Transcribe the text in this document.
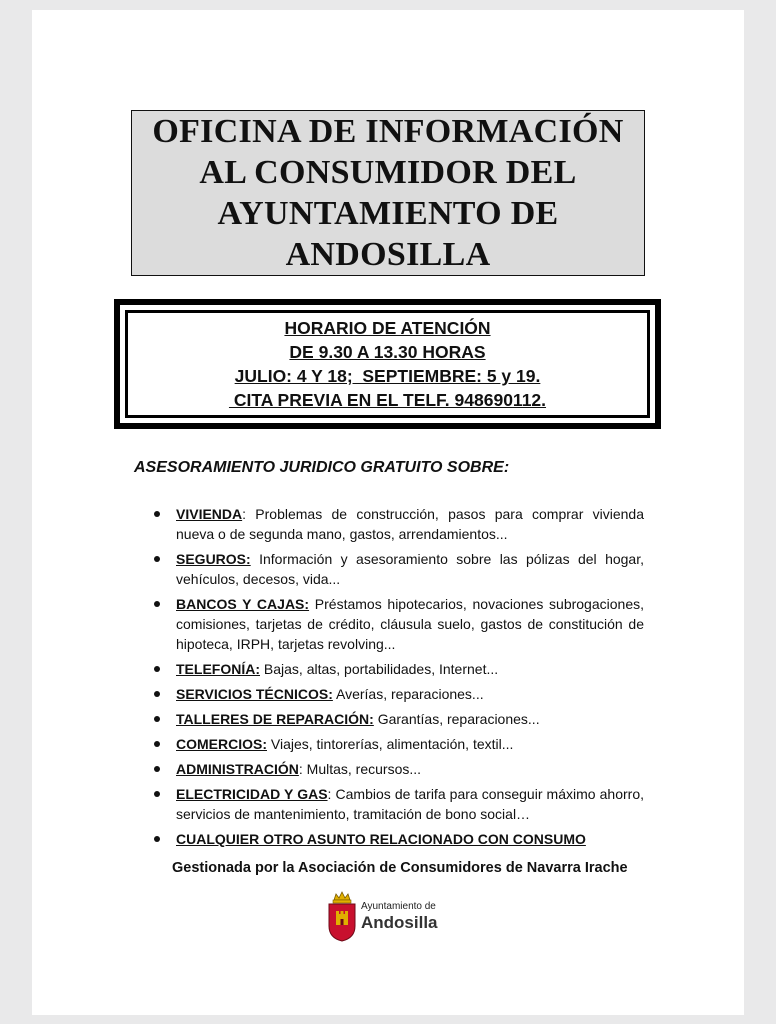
OFICINA DE INFORMACIÓN
AL CONSUMIDOR DEL
AYUNTAMIENTO DE
ANDOSILLA
HORARIO DE ATENCIÓN
DE 9.30 A 13.30 HORAS
JULIO: 4 Y 18;  SEPTIEMBRE: 5 y 19.
CITA PREVIA EN EL TELF. 948690112.
ASESORAMIENTO JURIDICO GRATUITO SOBRE:
VIVIENDA: Problemas de construcción, pasos para comprar vivienda nueva o de segunda mano, gastos, arrendamientos...
SEGUROS: Información y asesoramiento sobre las pólizas del hogar, vehículos, decesos, vida...
BANCOS Y CAJAS: Préstamos hipotecarios, novaciones subrogaciones, comisiones, tarjetas de crédito, cláusula suelo, gastos de constitución de hipoteca, IRPH, tarjetas revolving...
TELEFONÍA: Bajas, altas, portabilidades, Internet...
SERVICIOS TÉCNICOS: Averías, reparaciones...
TALLERES DE REPARACIÓN: Garantías, reparaciones...
COMERCIOS: Viajes, tintorerías, alimentación, textil...
ADMINISTRACIÓN: Multas, recursos...
ELECTRICIDAD Y GAS: Cambios de tarifa para conseguir máximo ahorro, servicios de mantenimiento, tramitación de bono social…
CUALQUIER OTRO ASUNTO RELACIONADO CON CONSUMO
Gestionada por la Asociación de Consumidores de Navarra Irache
Ayuntamiento de
Andosilla
